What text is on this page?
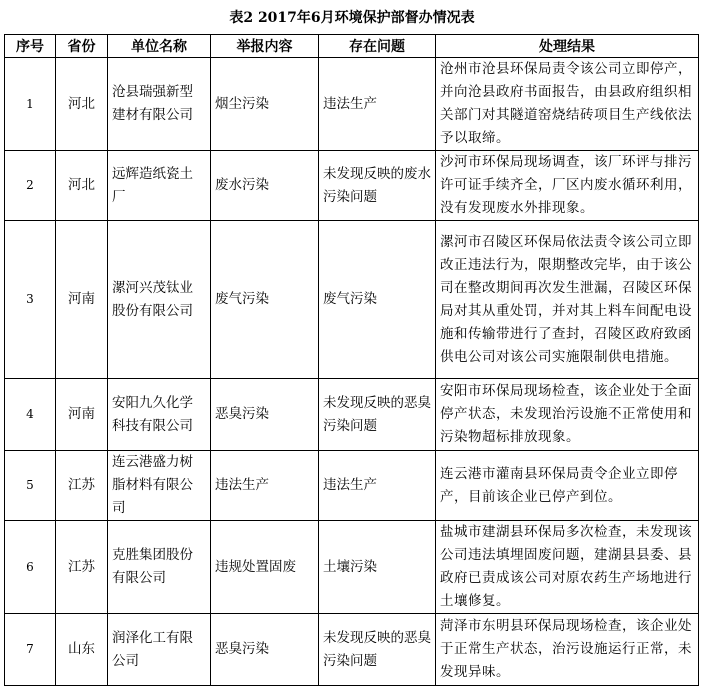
表2 2017年6月环境保护部督办情况表
序号	省份	单位名称	举报内容	存在问题	处理结果
1	河北	沧县瑞强新型建材有限公司	烟尘污染	违法生产	沧州市沧县环保局责令该公司立即停产，并向沧县政府书面报告，由县政府组织相关部门对其隧道窑烧结砖项目生产线依法予以取缔。
2	河北	远辉造纸瓷土厂	废水污染	未发现反映的废水污染问题	沙河市环保局现场调查，该厂环评与排污许可证手续齐全，厂区内废水循环利用，没有发现废水外排现象。
3	河南	漯河兴茂钛业股份有限公司	废气污染	废气污染	漯河市召陵区环保局依法责令该公司立即改正违法行为，限期整改完毕，由于该公司在整改期间再次发生泄漏，召陵区环保局对其从重处罚，并对其上料车间配电设施和传输带进行了查封，召陵区政府致函供电公司对该公司实施限制供电措施。
4	河南	安阳九久化学科技有限公司	恶臭污染	未发现反映的恶臭污染问题	安阳市环保局现场检查，该企业处于全面停产状态，未发现治污设施不正常使用和污染物超标排放现象。
5	江苏	连云港盛力树脂材料有限公司	违法生产	违法生产	连云港市灌南县环保局责令企业立即停产，目前该企业已停产到位。
6	江苏	克胜集团股份有限公司	违规处置固废	土壤污染	盐城市建湖县环保局多次检查，未发现该公司违法填埋固废问题，建湖县县委、县政府已责成该公司对原农药生产场地进行土壤修复。
7	山东	润泽化工有限公司	恶臭污染	未发现反映的恶臭污染问题	菏泽市东明县环保局现场检查，该企业处于正常生产状态，治污设施运行正常，未发现异味。
